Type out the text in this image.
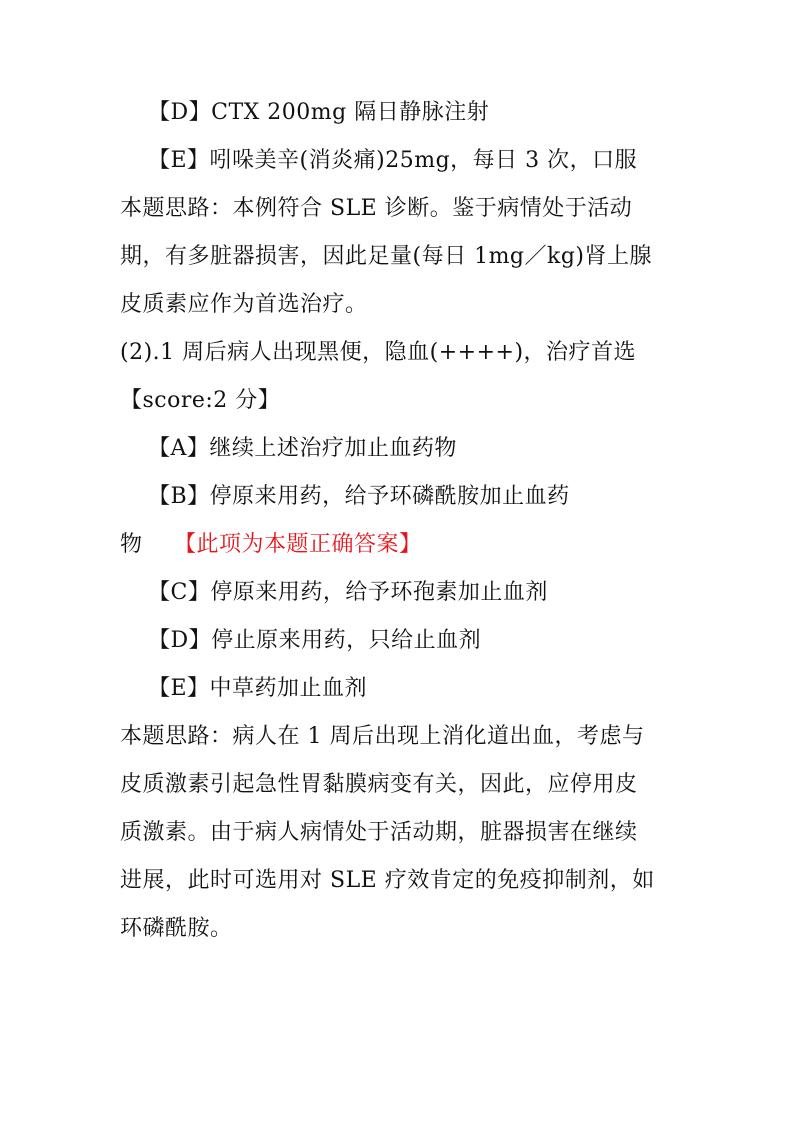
【D】CTX 200mg 隔日静脉注射
【E】吲哚美辛(消炎痛)25mg，每日 3 次，口服
本题思路：本例符合 SLE 诊断。鉴于病情处于活动
期，有多脏器损害，因此足量(每日 1mg／kg)肾上腺
皮质素应作为首选治疗。
(2).1 周后病人出现黑便，隐血(++++)，治疗首选
【score:2 分】
【A】继续上述治疗加止血药物
【B】停原来用药，给予环磷酰胺加止血药
物 【此项为本题正确答案】
【C】停原来用药，给予环孢素加止血剂
【D】停止原来用药，只给止血剂
【E】中草药加止血剂
本题思路：病人在 1 周后出现上消化道出血，考虑与
皮质激素引起急性胃黏膜病变有关，因此，应停用皮
质激素。由于病人病情处于活动期，脏器损害在继续
进展，此时可选用对 SLE 疗效肯定的免疫抑制剂，如
环磷酰胺。
